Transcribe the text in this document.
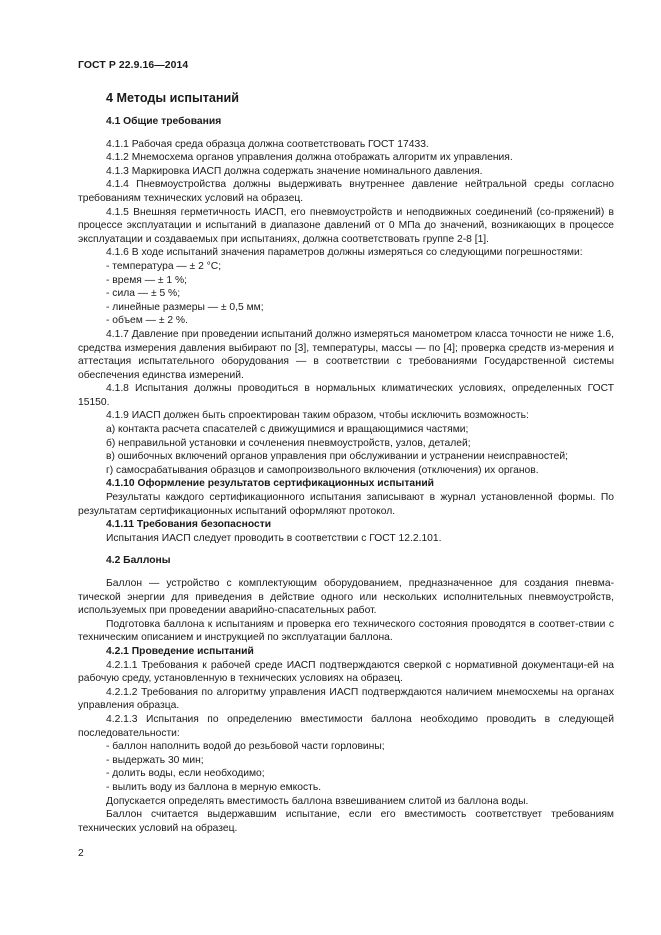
ГОСТ Р 22.9.16—2014

4 Методы испытаний

4.1 Общие требования

4.1.1 Рабочая среда образца должна соответствовать ГОСТ 17433.

4.1.2 Мнемосхема органов управления должна отображать алгоритм их управления.

4.1.3 Маркировка ИАСП должна содержать значение номинального давления.

4.1.4 Пневмоустройства должны выдерживать внутреннее давление нейтральной среды согласно требованиям технических условий на образец.

4.1.5 Внешняя герметичность ИАСП, его пневмоустройств и неподвижных соединений (со-пряжений) в процессе эксплуатации и испытаний в диапазоне давлений от 0 МПа до значений, возникающих в процессе эксплуатации и создаваемых при испытаниях, должна соответствовать группе 2-8 [1].

4.1.6 В ходе испытаний значения параметров должны измеряться со следующими погрешностями:

- температура — ± 2 °С;

- время — ± 1 %;

- сила — ± 5 %;

- линейные размеры — ± 0,5 мм;

- объем — ± 2 %.

4.1.7 Давление при проведении испытаний должно измеряться манометром класса точности не ниже 1.6, средства измерения давления выбирают по [3], температуры, массы — по [4]; проверка средств из-мерения и аттестация испытательного оборудования — в соответствии с требованиями Государственной системы обеспечения единства измерений.

4.1.8 Испытания должны проводиться в нормальных климатических условиях, определенных ГОСТ 15150.

4.1.9 ИАСП должен быть спроектирован таким образом, чтобы исключить возможность:

а) контакта расчета спасателей с движущимися и вращающимися частями;

б) неправильной установки и сочленения пневмоустройств, узлов, деталей;

в) ошибочных включений органов управления при обслуживании и устранении неисправностей;

г) самосрабатывания образцов и самопроизвольного включения (отключения) их органов.

4.1.10 Оформление результатов сертификационных испытаний

Результаты каждого сертификационного испытания записывают в журнал установленной формы. По результатам сертификационных испытаний оформляют протокол.

4.1.11 Требования безопасности

Испытания ИАСП следует проводить в соответствии с ГОСТ 12.2.101.

4.2 Баллоны

Баллон — устройство с комплектующим оборудованием, предназначенное для создания пневма-тической энергии для приведения в действие одного или нескольких исполнительных пневмоустройств, используемых при проведении аварийно-спасательных работ.

Подготовка баллона к испытаниям и проверка его технического состояния проводятся в соответ-ствии с техническим описанием и инструкцией по эксплуатации баллона.

4.2.1 Проведение испытаний

4.2.1.1 Требования к рабочей среде ИАСП подтверждаются сверкой с нормативной документаци-ей на рабочую среду, установленную в технических условиях на образец.

4.2.1.2 Требования по алгоритму управления ИАСП подтверждаются наличием мнемосхемы на органах управления образца.

4.2.1.3 Испытания по определению вместимости баллона необходимо проводить в следующей последовательности:

- баллон наполнить водой до резьбовой части горловины;

- выдержать 30 мин;

- долить воды, если необходимо;

- вылить воду из баллона в мерную емкость.

Допускается определять вместимость баллона взвешиванием слитой из баллона воды.

Баллон считается выдержавшим испытание, если его вместимость соответствует требованиям технических условий на образец.

2
